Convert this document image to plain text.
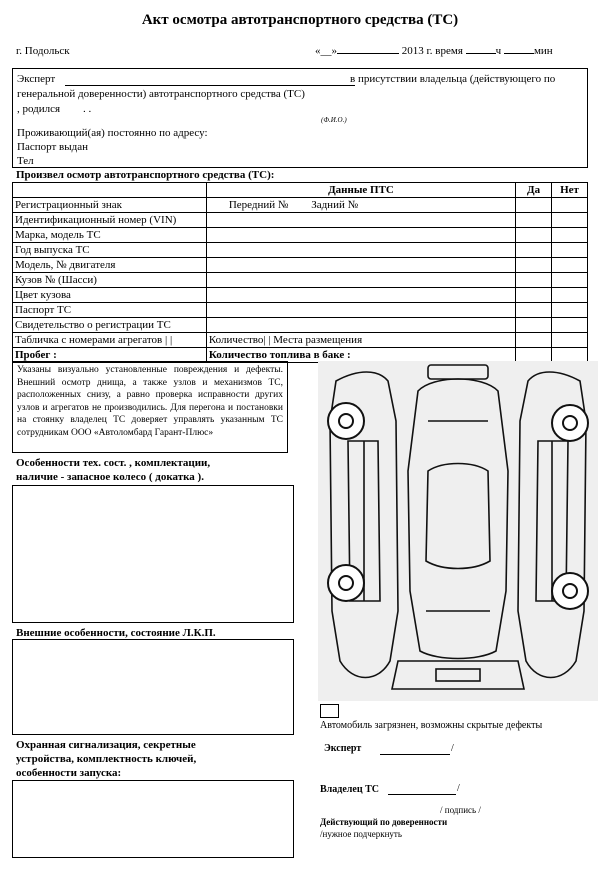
Акт осмотра автотранспортного средства (ТС)
г. Подольск	«__»	2013 г. время	ч	мин
Эксперт	в присутствии владельца (действующего по
генеральной доверенности) автотранспортного средства (ТС)
, родился . .
(Ф.И.О.)
Проживающий(ая) постоянно по адресу:
Паспорт выдан
Тел
Произвел осмотр автотранспортного средства (ТС):
	Данные ПТС	Да	Нет
Регистрационный знак	Передний № Задний №		
Идентификационный номер (VIN)			
Марка, модель ТС			
Год выпуска ТС			
Модель, № двигателя			
Кузов № (Шасси)			
Цвет кузова			
Паспорт ТС			
Свидетельство о регистрации ТС			
Табличка с номерами агрегатов | |	Количество| | Места размещения		
Пробег :	Количество топлива в баке :		
Указаны визуально установленные повреждения и дефекты. Внешний осмотр днища, а также узлов и механизмов ТС, расположенных снизу, а равно проверка исправности других узлов и агрегатов не производились. Для перегона и постановки на стоянку владелец ТС доверяет управлять указанным ТС сотрудникам ООО «Автоломбард Гарант-Плюс»
Особенности тех. сост. , комплектации,
наличие - запасное колесо ( докатка ).
Внешние особенности, состояние Л.К.П.
Охранная сигнализация, секретные
устройства, комплектность ключей,
особенности запуска:
Автомобиль загрязнен, возможны скрытые дефекты
Эксперт	/
Владелец ТС	/
/ подпись /
Действующий по доверенности
/нужное подчеркнуть
